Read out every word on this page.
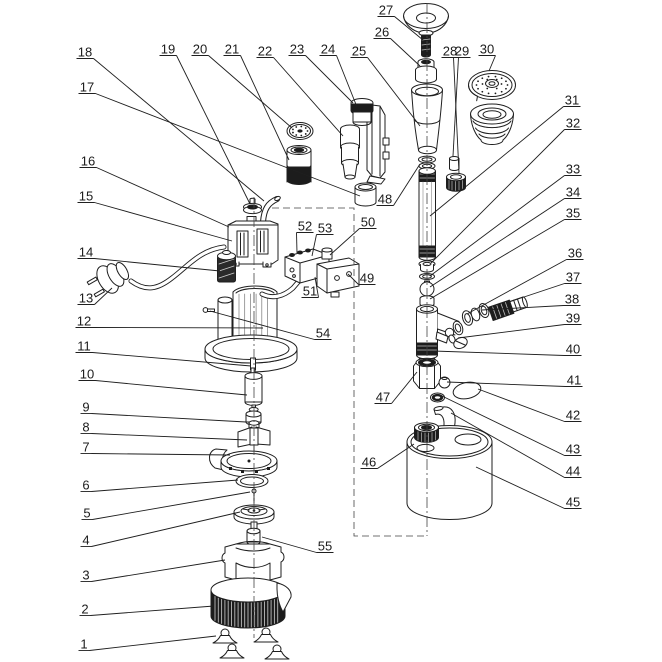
1
2
3
4
5
6
7
8
9
10
11
12
13
14
15
16
17
18	19 20 21 22 23 24 25
26
27
28
29 30
31
32
33
34
35
36
37
38
39
40
41
42
43
44
45
46
47
48
49
50
51
52 53
54
55
